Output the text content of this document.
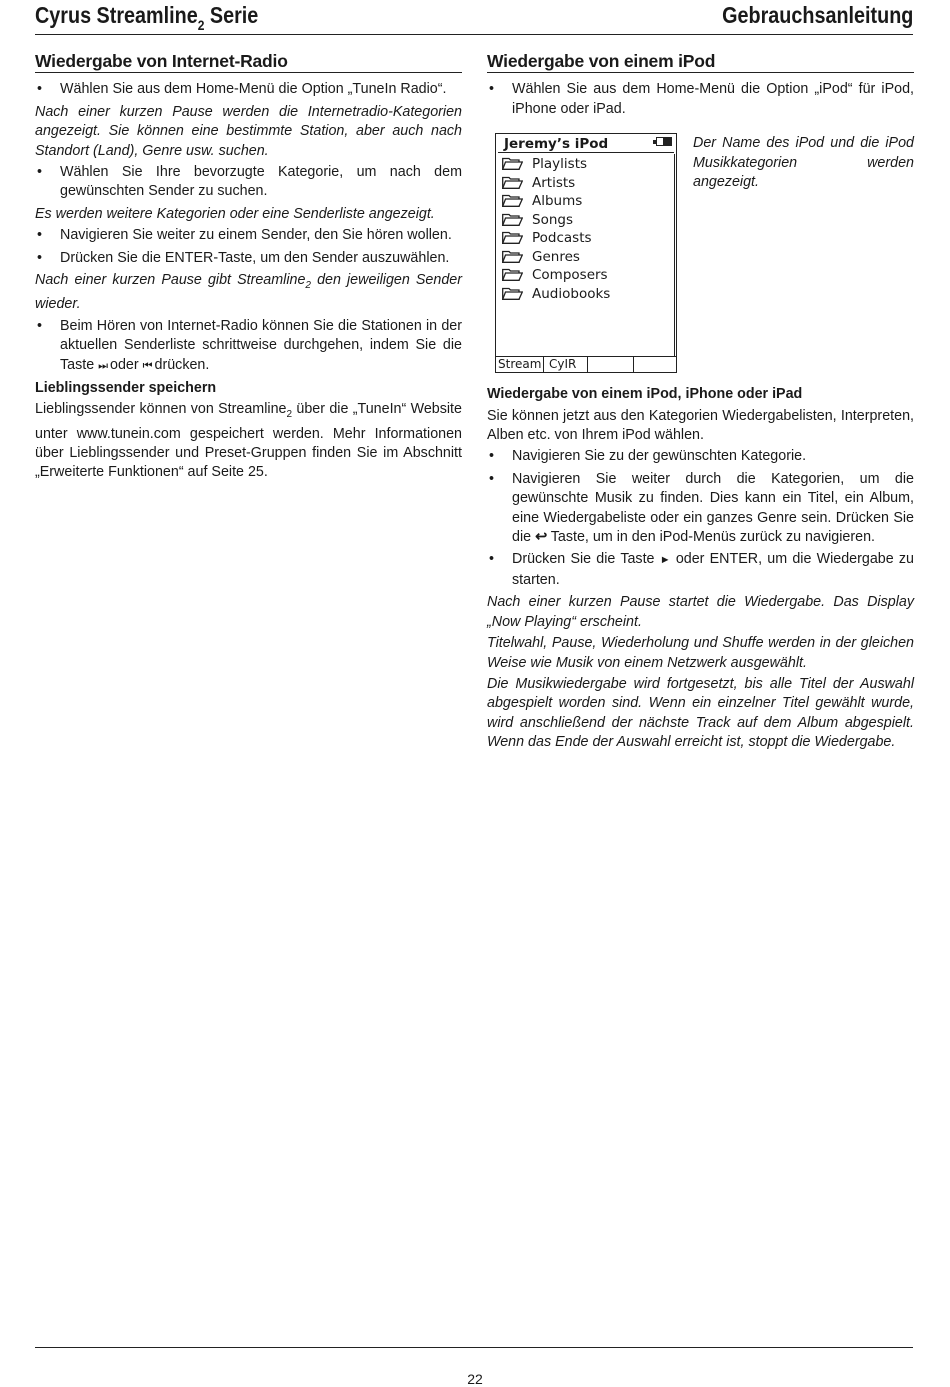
Cyrus Streamline$_2$ Serie	Gebrauchsanleitung
Wiedergabe von Internet-Radio
• Wählen Sie aus dem Home-Menü die Option „TuneIn Radio“.
Nach einer kurzen Pause werden die Internetradio-Kategorien angezeigt. Sie können eine bestimmte Station, aber auch nach Standort (Land), Genre usw. suchen.
• Wählen Sie Ihre bevorzugte Kategorie, um nach dem gewünschten Sender zu suchen.
Es werden weitere Kategorien oder eine Senderliste angezeigt.
• Navigieren Sie weiter zu einem Sender, den Sie hören wollen.
• Drücken Sie die ENTER-Taste, um den Sender auszuwählen.
Nach einer kurzen Pause gibt Streamline$_2$ den jeweiligen Sender wieder.
• Beim Hören von Internet-Radio können Sie die Stationen in der aktuellen Senderliste schrittweise durchgehen, indem Sie die Taste ⏭ oder ⏮ drücken.
Lieblingssender speichern
Lieblingssender können von Streamline$_2$ über die „TuneIn“ Website unter www.tunein.com gespeichert werden. Mehr Informationen über Lieblingssender und Preset-Gruppen finden Sie im Abschnitt „Erweiterte Funktionen“ auf Seite 25.
Wiedergabe von einem iPod
• Wählen Sie aus dem Home-Menü die Option „iPod“ für iPod, iPhone oder iPad.
Jeremy’s iPod
Playlists
Artists
Albums
Songs
Podcasts
Genres
Composers
Audiobooks
Stream CyIR
Der Name des iPod und die iPod Musikkategorien werden angezeigt.
Wiedergabe von einem iPod, iPhone oder iPad
Sie können jetzt aus den Kategorien Wiedergabelisten, Interpreten, Alben etc. von Ihrem iPod wählen.
• Navigieren Sie zu der gewünschten Kategorie.
• Navigieren Sie weiter durch die Kategorien, um die gewünschte Musik zu finden. Dies kann ein Titel, ein Album, eine Wiedergabeliste oder ein ganzes Genre sein. Drücken Sie die ↩ Taste, um in den iPod-Menüs zurück zu navigieren.
• Drücken Sie die Taste ► oder ENTER, um die Wiedergabe zu starten.
Nach einer kurzen Pause startet die Wiedergabe. Das Display „Now Playing“ erscheint.
Titelwahl, Pause, Wiederholung und Shuffe werden in der gleichen Weise wie Musik von einem Netzwerk ausgewählt.
Die Musikwiedergabe wird fortgesetzt, bis alle Titel der Auswahl abgespielt worden sind. Wenn ein einzelner Titel gewählt wurde, wird anschließend der nächste Track auf dem Album abgespielt. Wenn das Ende der Auswahl erreicht ist, stoppt die Wiedergabe.
22
